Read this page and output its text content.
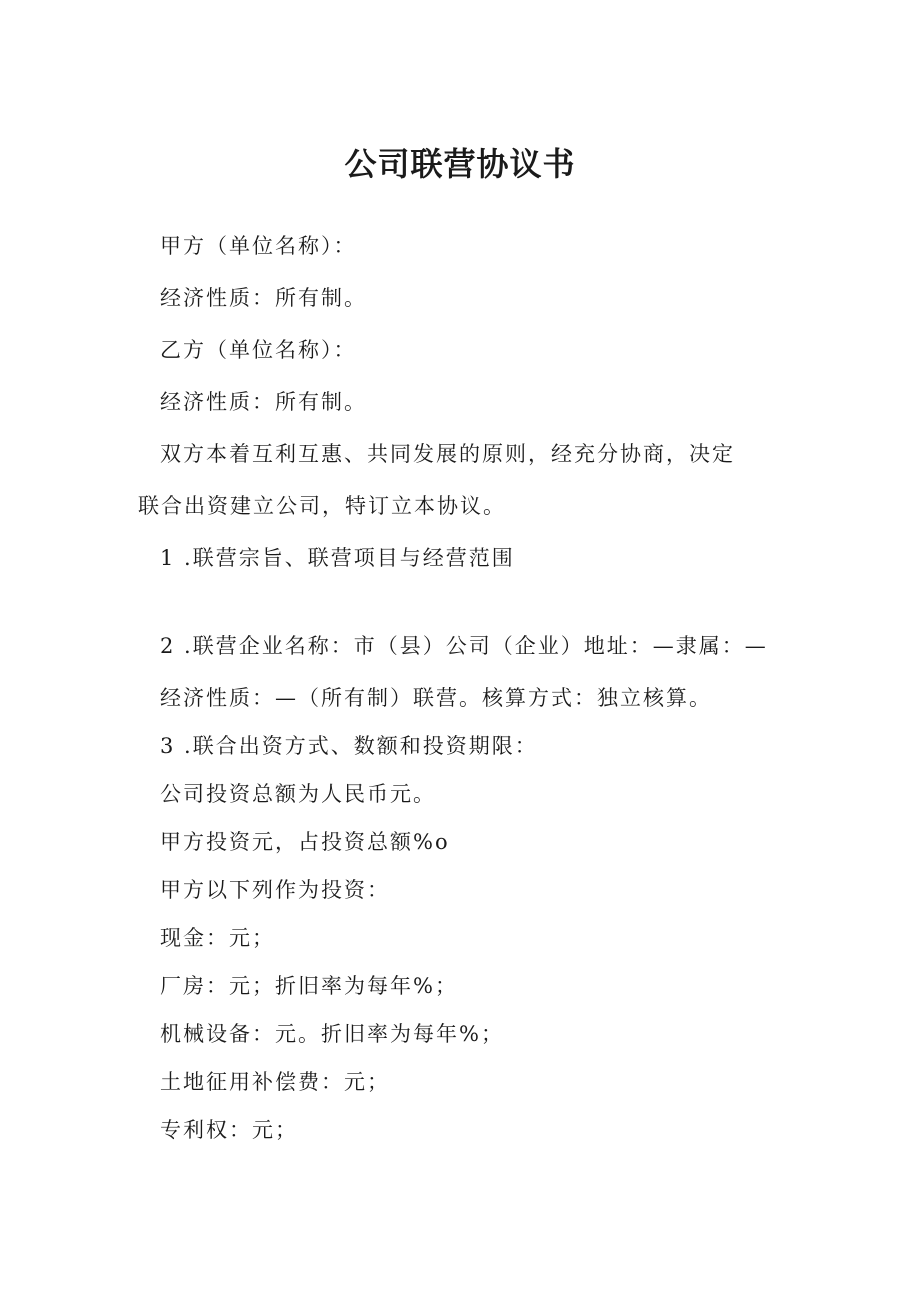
公司联营协议书

甲方（单位名称）：

经济性质：所有制。

乙方（单位名称）：

经济性质：所有制。

双方本着互利互惠、共同发展的原则，经充分协商，决定

联合出资建立公司，特订立本协议。

1 .联营宗旨、联营项目与经营范围

2 .联营企业名称：市（县）公司（企业）地址：—隶属：—

经济性质：—（所有制）联营。核算方式：独立核算。

3 .联合出资方式、数额和投资期限：

公司投资总额为人民币元。

甲方投资元，占投资总额%o

甲方以下列作为投资：

现金：元；

厂房：元；折旧率为每年%；

机械设备：元。折旧率为每年%；

土地征用补偿费：元；

专利权：元；
